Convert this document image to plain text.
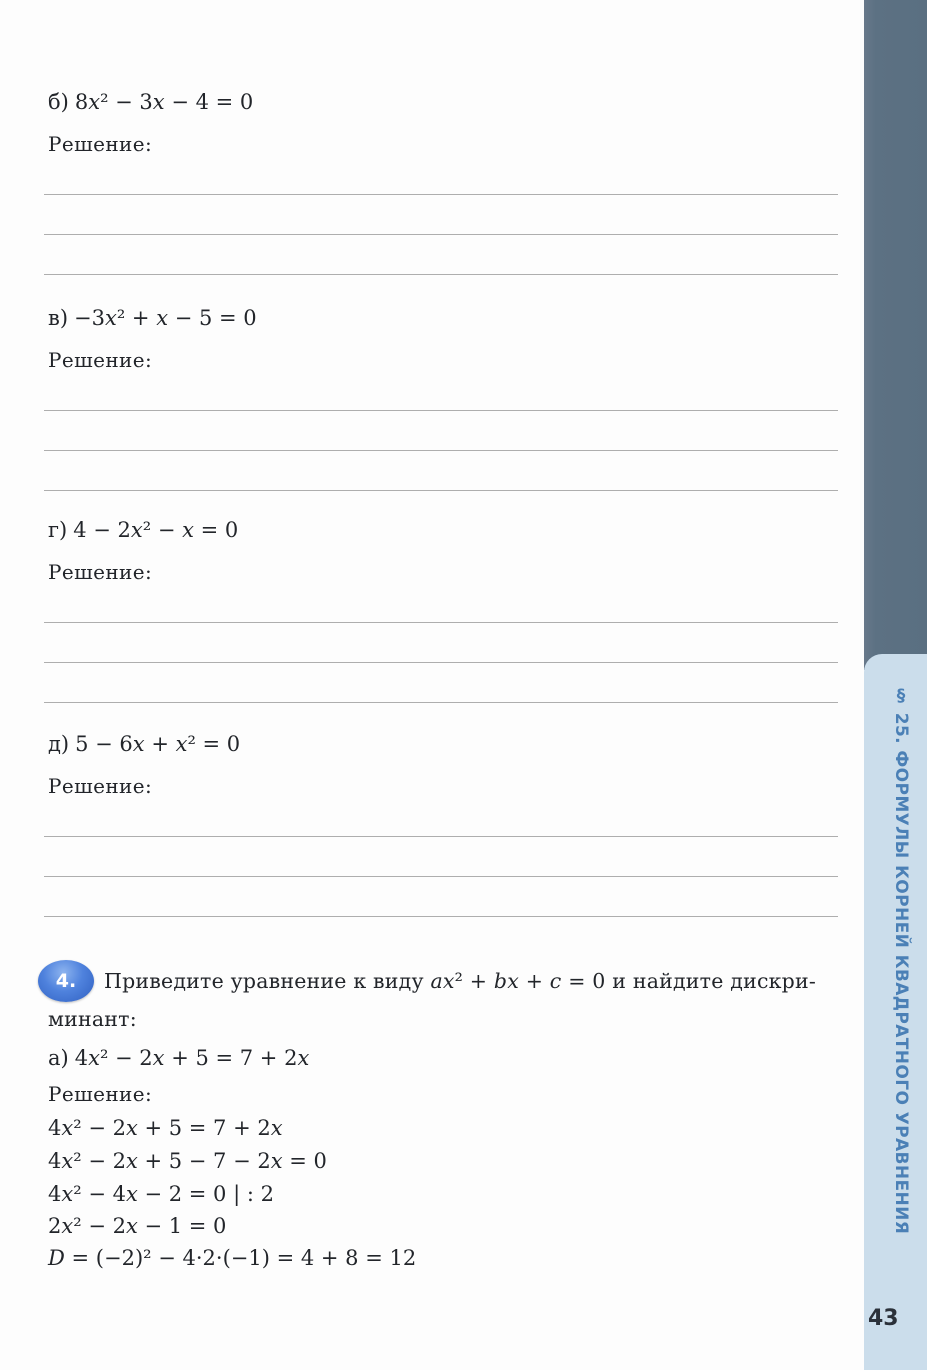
§ 25. ФОРМУЛЫ КОРНЕЙ КВАДРАТНОГО УРАВНЕНИЯ
43
б) 8x² − 3x − 4 = 0
Решение:
в) −3x² + x − 5 = 0
Решение:
г) 4 − 2x² − x = 0
Решение:
д) 5 − 6x + x² = 0
Решение:
4.	Приведите уравнение к виду ax² + bx + c = 0 и найдите дискри-
минант:
а) 4x² − 2x + 5 = 7 + 2x
Решение:
4x² − 2x + 5 = 7 + 2x
4x² − 2x + 5 − 7 − 2x = 0
4x² − 4x − 2 = 0 | : 2
2x² − 2x − 1 = 0
D = (−2)² − 4·2·(−1) = 4 + 8 = 12
